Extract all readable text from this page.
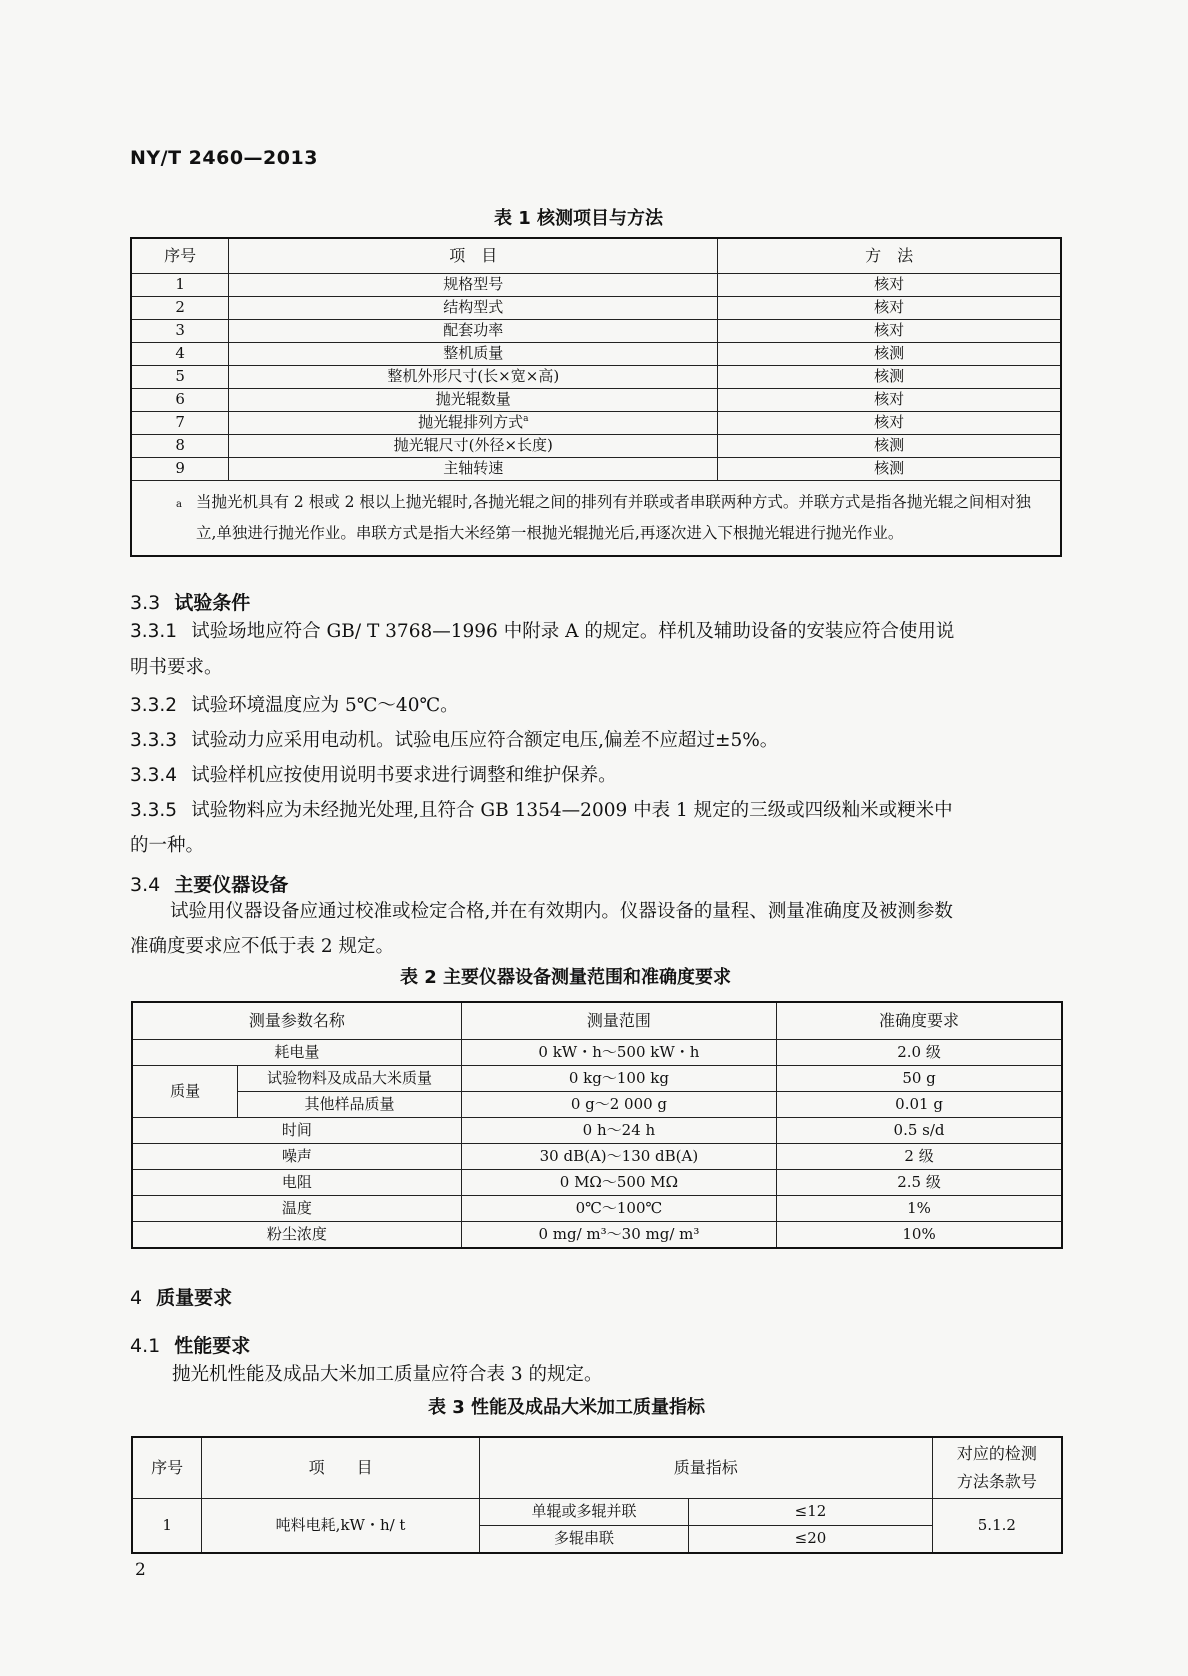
NY/T 2460—2013
表 1 核测项目与方法
序号	项　目	方　法
1	规格型号	核对
2	结构型式	核对
3	配套功率	核对
4	整机质量	核测
5	整机外形尺寸(长×宽×高)	核测
6	抛光辊数量	核对
7	抛光辊排列方式$^a$	核对
8	抛光辊尺寸(外径×长度)	核测
9	主轴转速	核测

a 当抛光机具有 2 根或 2 根以上抛光辊时,各抛光辊之间的排列有并联或者串联两种方式。并联方式是指各抛光辊之间相对独立,单独进行抛光作业。串联方式是指大米经第一根抛光辊抛光后,再逐次进入下根抛光辊进行抛光作业。		
3.3 试验条件
3.3.1 试验场地应符合 GB/ T 3768—1996 中附录 A 的规定。样机及辅助设备的安装应符合使用说
明书要求。
3.3.2 试验环境温度应为 5℃～40℃。
3.3.3 试验动力应采用电动机。试验电压应符合额定电压,偏差不应超过±5%。
3.3.4 试验样机应按使用说明书要求进行调整和维护保养。
3.3.5 试验物料应为未经抛光处理,且符合 GB 1354—2009 中表 1 规定的三级或四级籼米或粳米中
的一种。
3.4 主要仪器设备
试验用仪器设备应通过校准或检定合格,并在有效期内。仪器设备的量程、测量准确度及被测参数
准确度要求应不低于表 2 规定。
表 2 主要仪器设备测量范围和准确度要求
测量参数名称		测量范围	准确度要求
耗电量		0 kW・h～500 kW・h	2.0 级
质量	试验物料及成品大米质量	0 kg～100 kg	50 g
	其他样品质量	0 g～2 000 g	0.01 g
时间		0 h～24 h	0.5 s/d
噪声		30 dB(A)～130 dB(A)	2 级
电阻		0 MΩ～500 MΩ	2.5 级
温度		0℃～100℃	1%
粉尘浓度		0 mg/ m³～30 mg/ m³	10%
4 质量要求
4.1 性能要求
抛光机性能及成品大米加工质量应符合表 3 的规定。
表 3 性能及成品大米加工质量指标
序号	项　　目	质量指标		对应的检测
方法条款号

1	吨料电耗,kW・h/ t	单辊或多辊并联	≤12	5.1.2
		多辊串联	≤20	
2
